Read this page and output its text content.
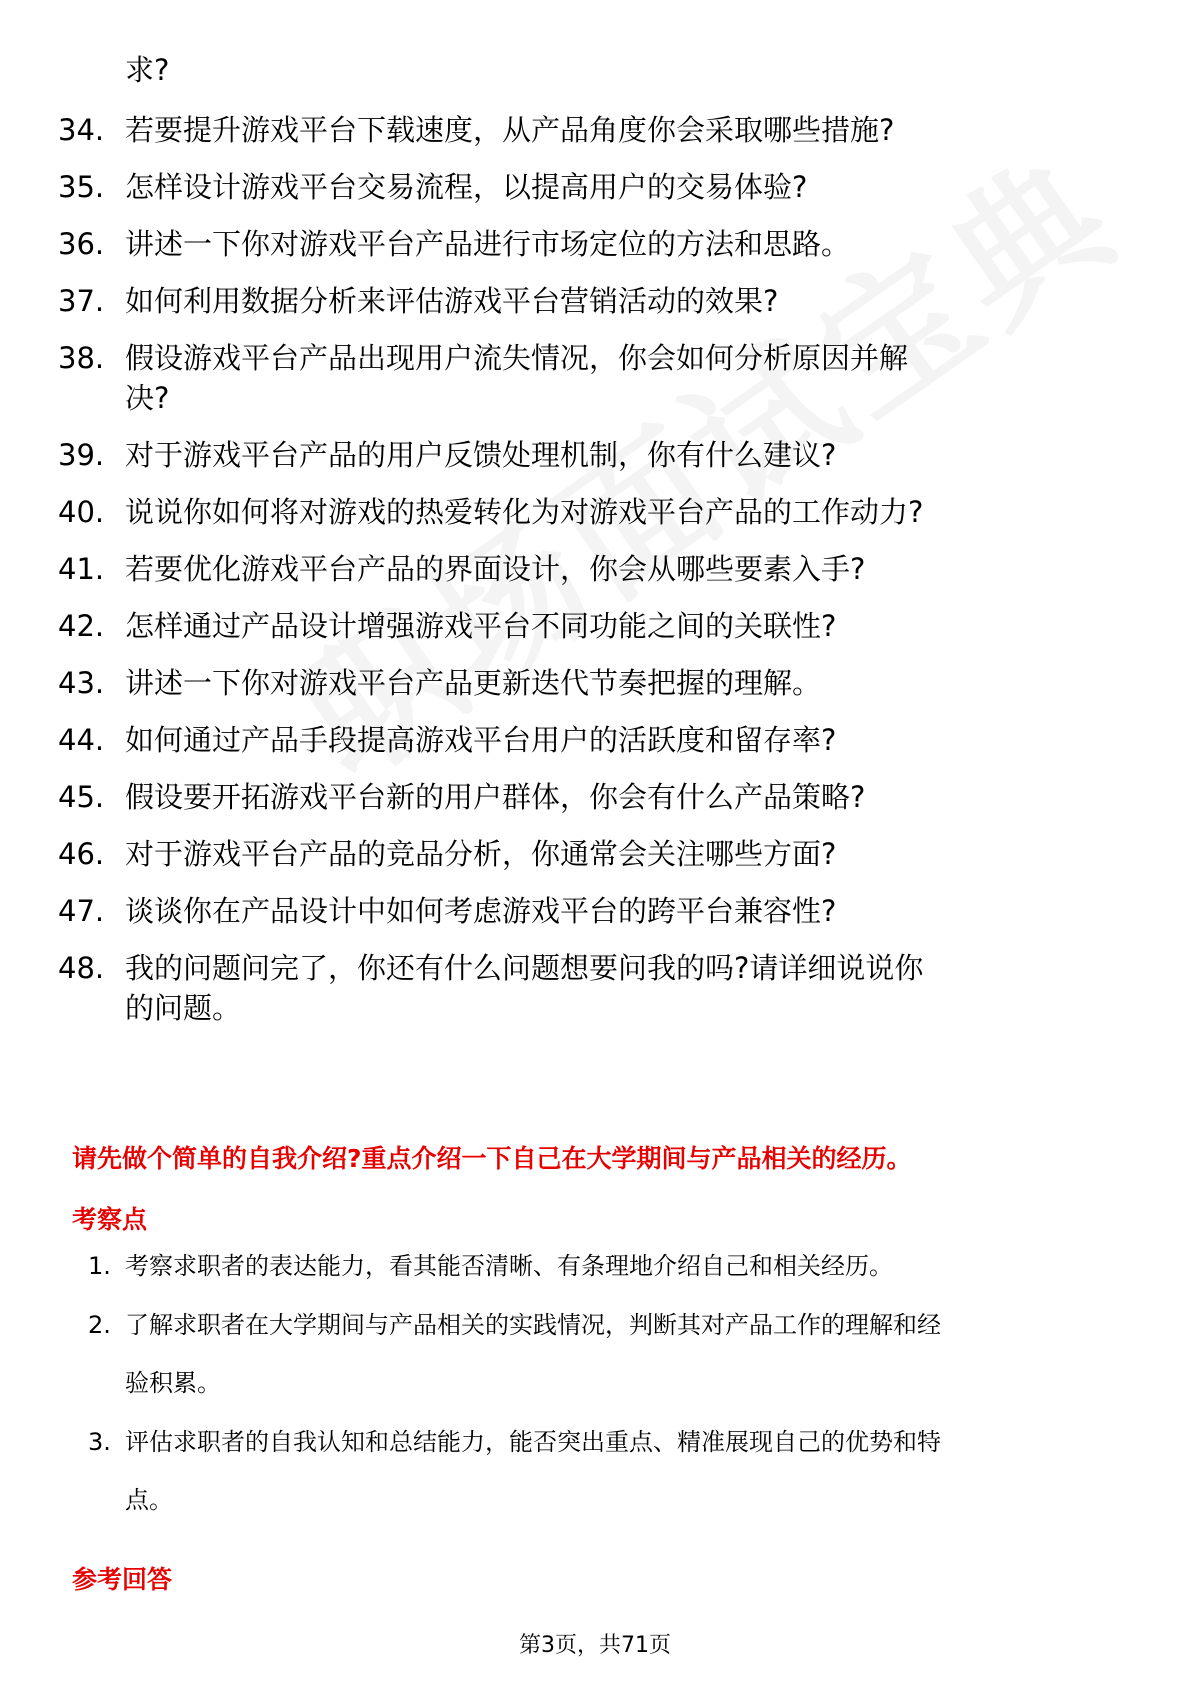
求?
34. 若要提升游戏平台下载速度，从产品角度你会采取哪些措施?
35. 怎样设计游戏平台交易流程，以提高用户的交易体验?
36. 讲述一下你对游戏平台产品进行市场定位的方法和思路。
37. 如何利用数据分析来评估游戏平台营销活动的效果?
38. 假设游戏平台产品出现用户流失情况，你会如何分析原因并解
决?
39. 对于游戏平台产品的用户反馈处理机制，你有什么建议?
40. 说说你如何将对游戏的热爱转化为对游戏平台产品的工作动力?
41. 若要优化游戏平台产品的界面设计，你会从哪些要素入手?
42. 怎样通过产品设计增强游戏平台不同功能之间的关联性?
43. 讲述一下你对游戏平台产品更新迭代节奏把握的理解。
44. 如何通过产品手段提高游戏平台用户的活跃度和留存率?
45. 假设要开拓游戏平台新的用户群体，你会有什么产品策略?
46. 对于游戏平台产品的竞品分析，你通常会关注哪些方面?
47. 谈谈你在产品设计中如何考虑游戏平台的跨平台兼容性?
48. 我的问题问完了，你还有什么问题想要问我的吗?请详细说说你
的问题。
请先做个简单的自我介绍?重点介绍一下自己在大学期间与产品相关的经历。
考察点
1. 考察求职者的表达能力，看其能否清晰、有条理地介绍自己和相关经历。
2. 了解求职者在大学期间与产品相关的实践情况，判断其对产品工作的理解和经
验积累。
3. 评估求职者的自我认知和总结能力，能否突出重点、精准展现自己的优势和特
点。
参考回答
第3页，共71页
